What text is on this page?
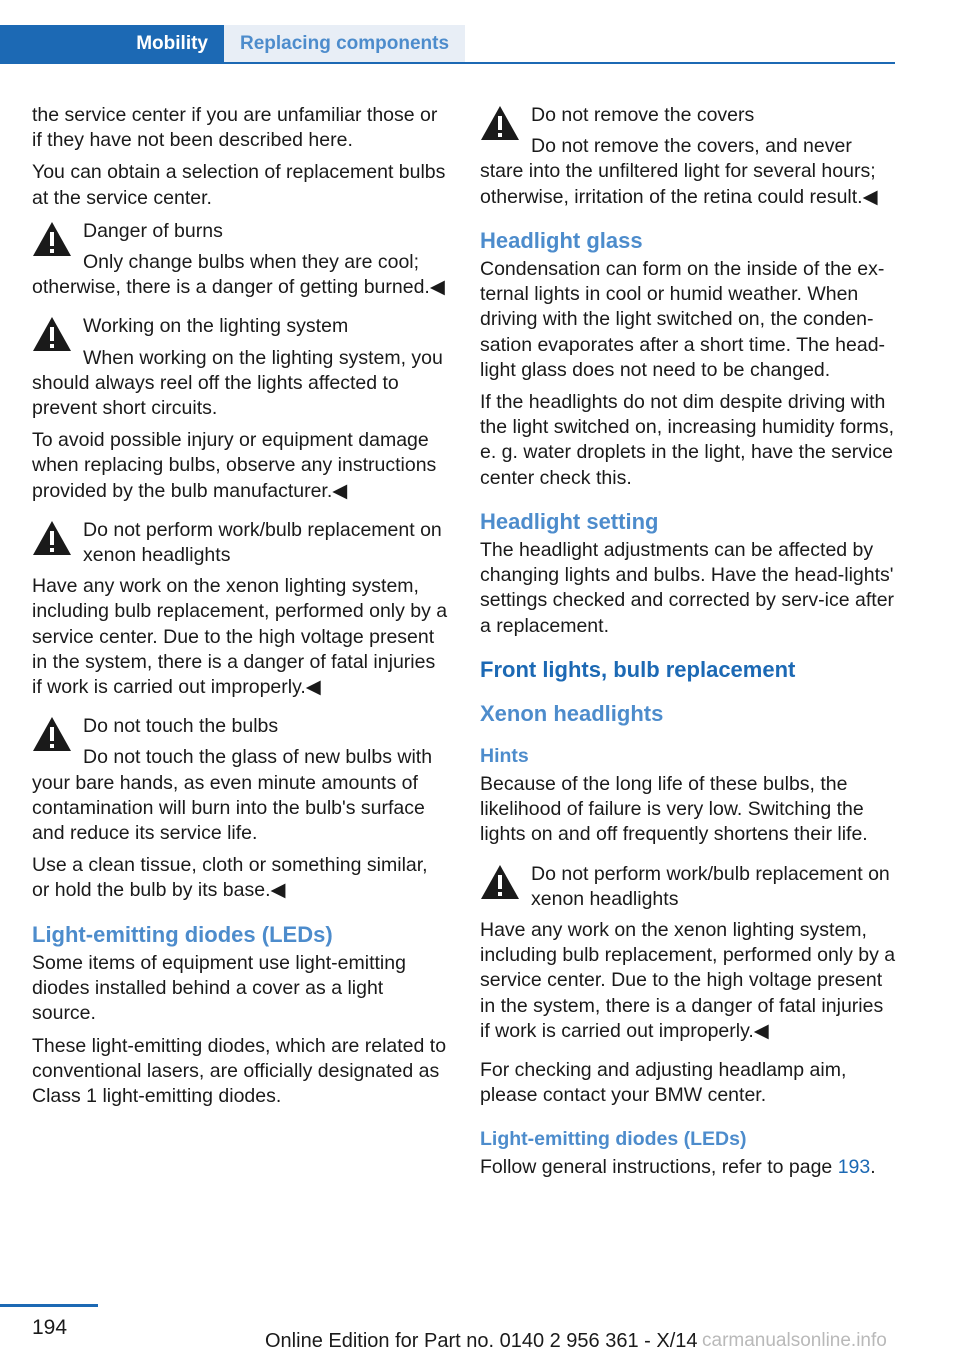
Mobility	Replacing components

the service center if you are unfamiliar those or if they have not been described here.

You can obtain a selection of replacement bulbs at the service center.

Danger of burns
Only change bulbs when they are cool; otherwise, there is a danger of getting burned.◀
Working on the lighting system
When working on the lighting system, you should always reel off the lights affected to prevent short circuits.

To avoid possible injury or equipment damage when replacing bulbs, observe any instructions provided by the bulb manufacturer.◀

Do not perform work/bulb replacement on xenon headlights
Have any work on the xenon lighting system, including bulb replacement, performed only by a service center. Due to the high voltage present in the system, there is a danger of fatal injuries if work is carried out improperly.◀
Do not touch the bulbs
Do not touch the glass of new bulbs with your bare hands, as even minute amounts of contamination will burn into the bulb's surface and reduce its service life.

Use a clean tissue, cloth or something similar, or hold the bulb by its base.◀

Light-emitting diodes (LEDs)

Some items of equipment use light-emitting diodes installed behind a cover as a light source.

These light-emitting diodes, which are related to conventional lasers, are officially designated as Class 1 light-emitting diodes.

Do not remove the covers
Do not remove the covers, and never stare into the unfiltered light for several hours; otherwise, irritation of the retina could result.◀
Headlight glass

Condensation can form on the inside of the ex‐ternal lights in cool or humid weather. When driving with the light switched on, the conden‐sation evaporates after a short time. The head‐light glass does not need to be changed.

If the headlights do not dim despite driving with the light switched on, increasing humidity forms, e. g. water droplets in the light, have the service center check this.

Headlight setting

The headlight adjustments can be affected by changing lights and bulbs. Have the head‐lights' settings checked and corrected by serv‐ice after a replacement.

Front lights, bulb replacement
Xenon headlights
Hints

Because of the long life of these bulbs, the likelihood of failure is very low. Switching the lights on and off frequently shortens their life.

Do not perform work/bulb replacement on xenon headlights
Have any work on the xenon lighting system, including bulb replacement, performed only by a service center. Due to the high voltage present in the system, there is a danger of fatal injuries if work is carried out improperly.◀

For checking and adjusting headlamp aim, please contact your BMW center.

Light-emitting diodes (LEDs)

Follow general instructions, refer to page 193.

194
Online Edition for Part no. 0140 2 956 361 - X/14 carmanualsonline.info
